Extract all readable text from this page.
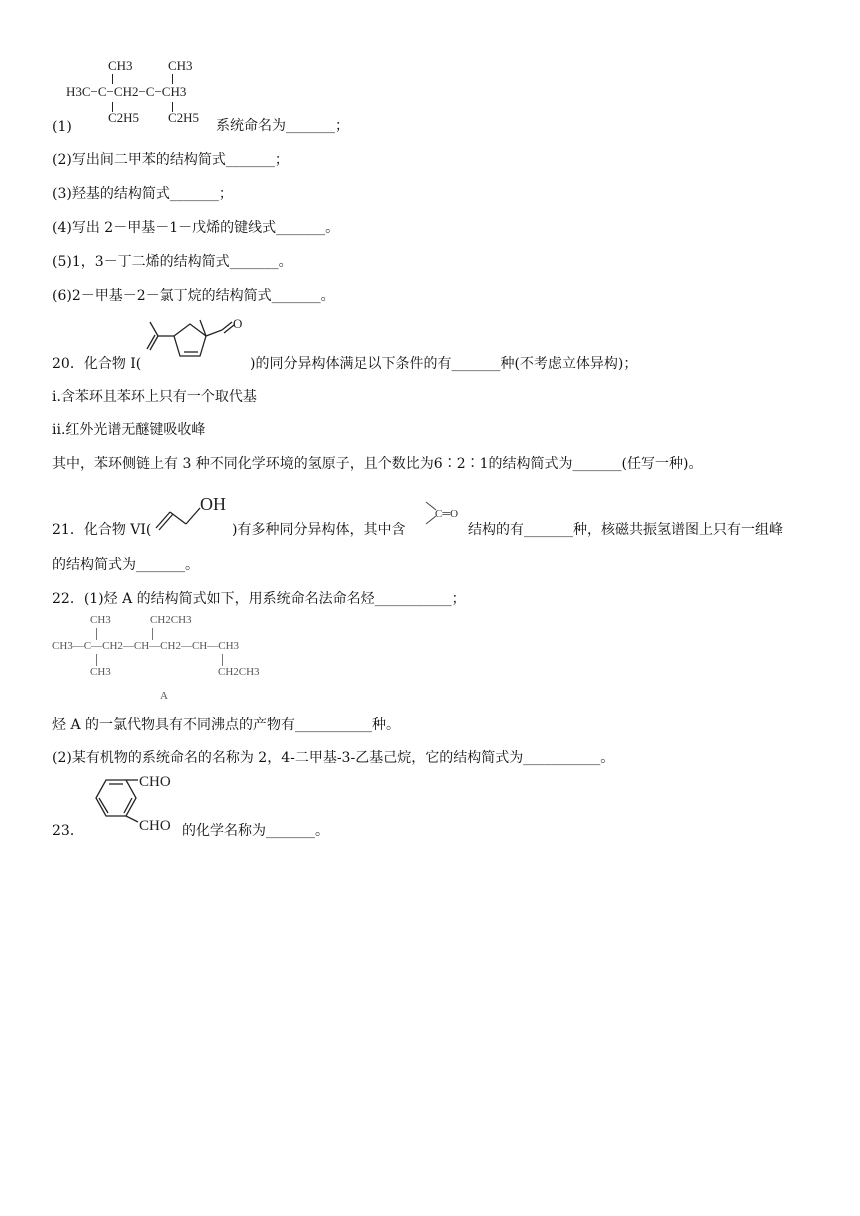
CH3	CH3
H3C−C−CH2−C−CH3
C2H5 C2H5
(1)	系统命名为_______；
(2)写出间二甲苯的结构简式_______；
(3)羟基的结构简式_______；
(4)写出 2－甲基－1－戊烯的键线式_______。
(5)1，3－丁二烯的结构简式_______。
(6)2－甲基－2－氯丁烷的结构简式_______。
20．化合物 I(
O
)的同分异构体满足以下条件的有_______种(不考虑立体异构)；
i.含苯环且苯环上只有一个取代基
ii.红外光谱无醚键吸收峰
其中，苯环侧链上有 3 种不同化学环境的氢原子，且个数比为6∶2∶1的结构简式为_______(任写一种)。
21．化合物 VI(
OH
)有多种同分异构体，其中含
C═O
结构的有_______种，核磁共振氢谱图上只有一组峰
的结构简式为_______。
22．(1)烃 A 的结构简式如下，用系统命名法命名烃___________；
CH3	CH2CH3
CH3—C—CH2—CH—CH2—CH—CH3
CH3	CH2CH3
A
烃 A 的一氯代物具有不同沸点的产物有___________种。
(2)某有机物的系统命名的名称为 2，4-二甲基-3-乙基己烷，它的结构简式为___________。
23．
CHO
CHO 的化学名称为_______。
